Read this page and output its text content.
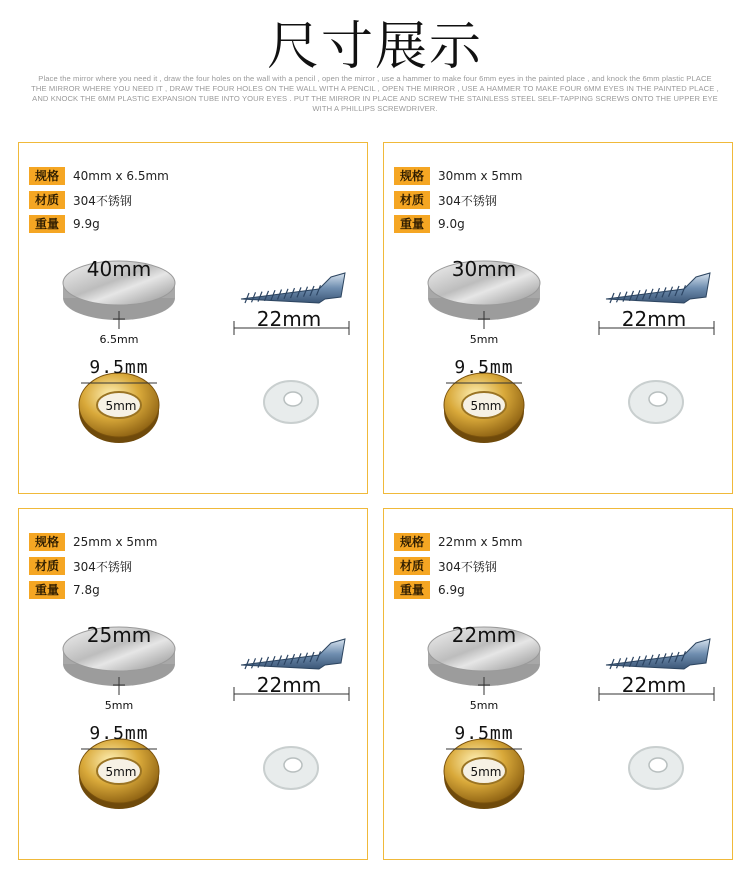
尺寸展示
Place the mirror where you need it , draw the four holes on the wall with a pencil , open the mirror , use a hammer to make four 6mm eyes in the painted place , and knock the 6mm plastic PLACE THE MIRROR WHERE YOU NEED IT , DRAW THE FOUR HOLES ON THE WALL WITH A PENCIL , OPEN THE MIRROR , USE A HAMMER TO MAKE FOUR 6MM EYES IN THE PAINTED PLACE , AND KNOCK THE 6MM PLASTIC EXPANSION TUBE INTO YOUR EYES . PUT THE MIRROR IN PLACE AND SCREW THE STAINLESS STEEL SELF-TAPPING SCREWS ONTO THE UPPER EYE WITH A PHILLIPS SCREWDRIVER.
规格	40mm x 6.5mm
材质	304不锈钢
重量	9.9g
40mm
6.5mm
22mm
9.5mm
5mm
规格	30mm x 5mm
材质	304不锈钢
重量	9.0g
30mm
5mm
22mm
9.5mm
5mm
规格	25mm x 5mm
材质	304不锈钢
重量	7.8g
25mm
5mm
22mm
9.5mm
5mm
规格	22mm x 5mm
材质	304不锈钢
重量	6.9g
22mm
5mm
22mm
9.5mm
5mm
